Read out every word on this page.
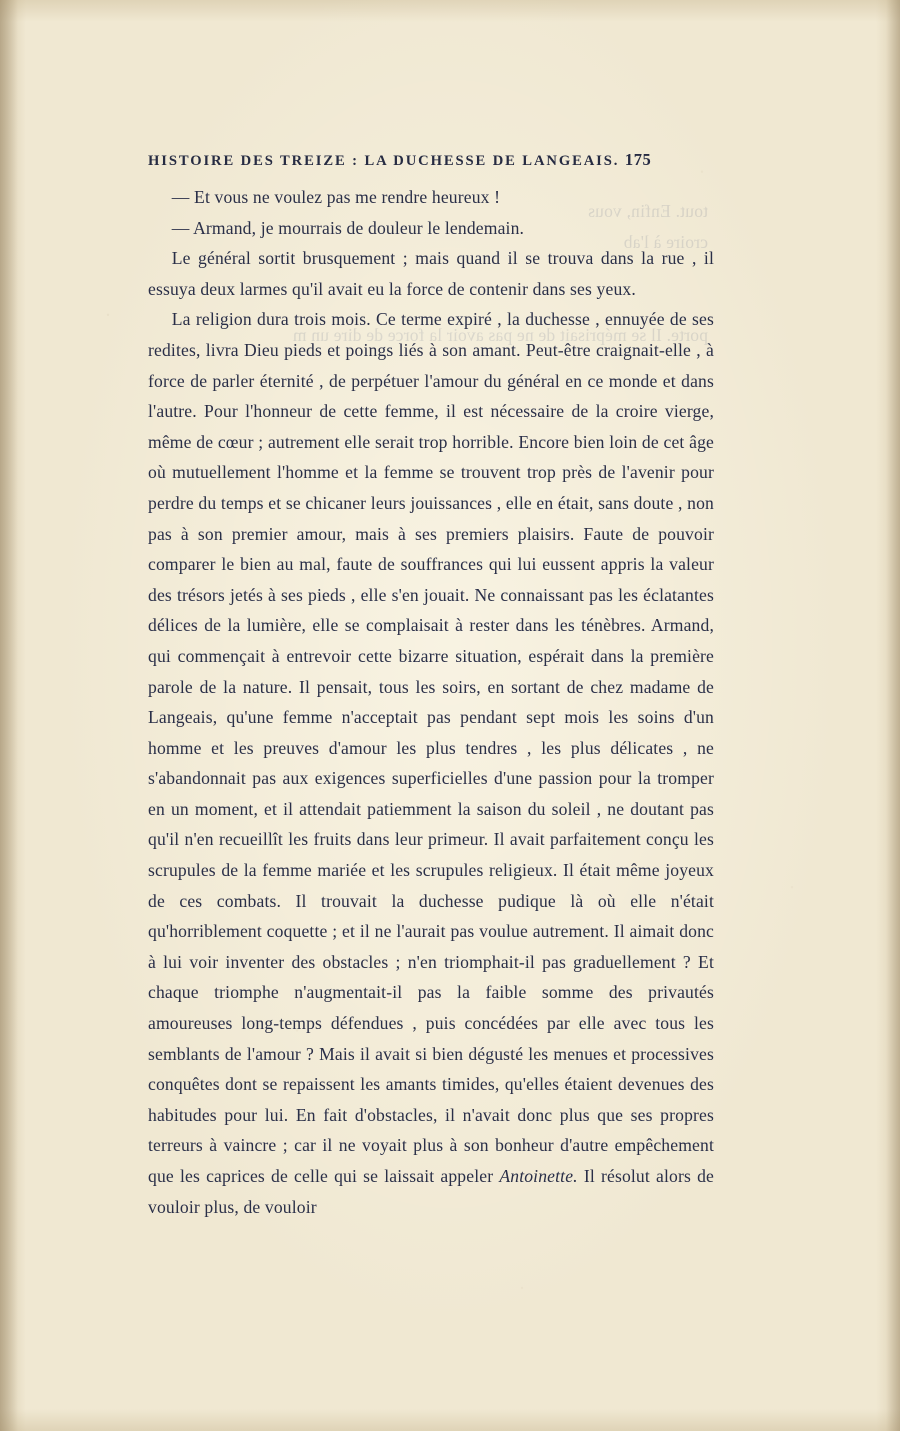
tout. Enfin, vous
croire à l'ab
porte. Il se méprisait de ne pas avoir la force de dire un m
HISTOIRE DES TREIZE : LA DUCHESSE DE LANGEAIS. 175

— Et vous ne voulez pas me rendre heureux !

— Armand, je mourrais de douleur le lendemain.

Le général sortit brusquement ; mais quand il se trouva dans la rue , il essuya deux larmes qu'il avait eu la force de contenir dans ses yeux.

La religion dura trois mois. Ce terme expiré , la duchesse , ennuyée de ses redites, livra Dieu pieds et poings liés à son amant. Peut-être craignait-elle , à force de parler éternité , de perpétuer l'amour du général en ce monde et dans l'autre. Pour l'honneur de cette femme, il est nécessaire de la croire vierge, même de cœur ; autrement elle serait trop horrible. Encore bien loin de cet âge où mutuellement l'homme et la femme se trouvent trop près de l'avenir pour perdre du temps et se chicaner leurs jouissances , elle en était, sans doute , non pas à son premier amour, mais à ses premiers plaisirs. Faute de pouvoir comparer le bien au mal, faute de souffrances qui lui eussent appris la valeur des trésors jetés à ses pieds , elle s'en jouait. Ne connaissant pas les éclatantes délices de la lumière, elle se complaisait à rester dans les ténèbres. Armand, qui commençait à entrevoir cette bizarre situation, espérait dans la première parole de la nature. Il pensait, tous les soirs, en sortant de chez madame de Langeais, qu'une femme n'acceptait pas pendant sept mois les soins d'un homme et les preuves d'amour les plus tendres , les plus délicates , ne s'abandonnait pas aux exigences superficielles d'une passion pour la tromper en un moment, et il attendait patiemment la saison du soleil , ne doutant pas qu'il n'en recueillît les fruits dans leur primeur. Il avait parfaitement conçu les scrupules de la femme mariée et les scrupules religieux. Il était même joyeux de ces combats. Il trouvait la duchesse pudique là où elle n'était qu'horriblement coquette ; et il ne l'aurait pas voulue autrement. Il aimait donc à lui voir inventer des obstacles ; n'en triomphait-il pas graduellement ? Et chaque triomphe n'augmentait-il pas la faible somme des privautés amoureuses long-temps défendues , puis concédées par elle avec tous les semblants de l'amour ? Mais il avait si bien dégusté les menues et processives conquêtes dont se repaissent les amants timides, qu'elles étaient devenues des habitudes pour lui. En fait d'obstacles, il n'avait donc plus que ses propres terreurs à vaincre ; car il ne voyait plus à son bonheur d'autre empêchement que les caprices de celle qui se laissait appeler Antoinette. Il résolut alors de vouloir plus, de vouloir
